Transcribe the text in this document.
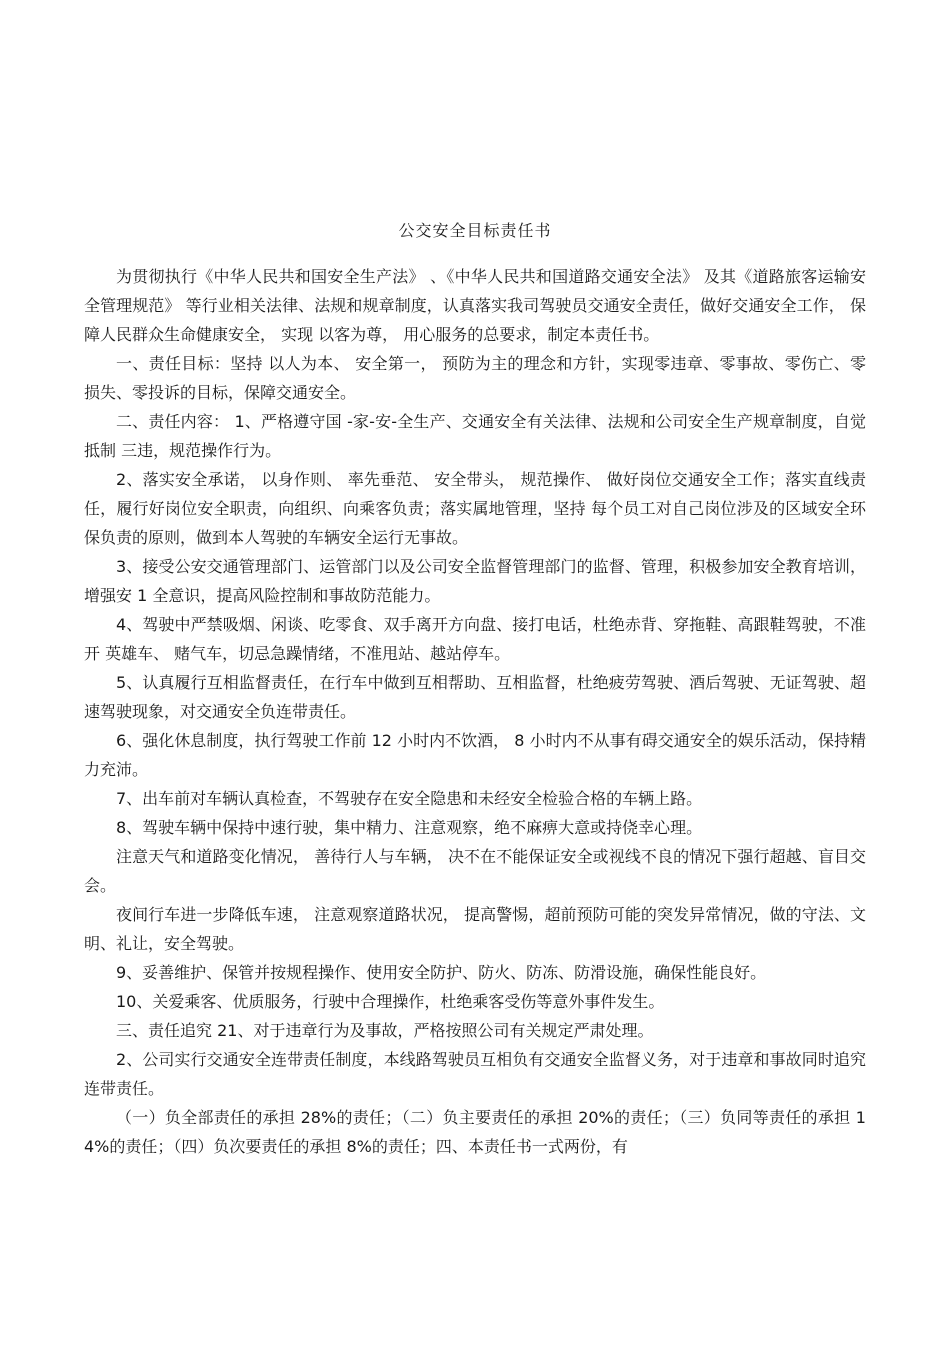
公交安全目标责任书

为贯彻执行《中华人民共和国安全生产法》 、《中华人民共和国道路交通安全法》 及其《道路旅客运输安全管理规范》 等行业相关法律、法规和规章制度，认真落实我司驾驶员交通安全责任，做好交通安全工作， 保障人民群众生命健康安全， 实现 以客为尊， 用心服务的总要求，制定本责任书。

一、责任目标：坚持 以人为本、 安全第一， 预防为主的理念和方针，实现零违章、零事故、零伤亡、零损失、零投诉的目标，保障交通安全。

二、责任内容： 1、严格遵守国 -家-安-全生产、交通安全有关法律、法规和公司安全生产规章制度，自觉抵制 三违，规范操作行为。

2、落实安全承诺， 以身作则、 率先垂范、 安全带头， 规范操作、 做好岗位交通安全工作；落实直线责任，履行好岗位安全职责，向组织、向乘客负责；落实属地管理，坚持 每个员工对自己岗位涉及的区域安全环保负责的原则，做到本人驾驶的车辆安全运行无事故。

3、接受公安交通管理部门、运管部门以及公司安全监督管理部门的监督、管理，积极参加安全教育培训，增强安 1 全意识，提高风险控制和事故防范能力。

4、驾驶中严禁吸烟、闲谈、吃零食、双手离开方向盘、接打电话，杜绝赤背、穿拖鞋、高跟鞋驾驶，不准开 英雄车、 赌气车，切忌急躁情绪，不准甩站、越站停车。

5、认真履行互相监督责任，在行车中做到互相帮助、互相监督，杜绝疲劳驾驶、酒后驾驶、无证驾驶、超速驾驶现象，对交通安全负连带责任。

6、强化休息制度，执行驾驶工作前 12 小时内不饮酒， 8 小时内不从事有碍交通安全的娱乐活动，保持精力充沛。

7、出车前对车辆认真检查，不驾驶存在安全隐患和未经安全检验合格的车辆上路。

8、驾驶车辆中保持中速行驶，集中精力、注意观察，绝不麻痹大意或持侥幸心理。

注意天气和道路变化情况， 善待行人与车辆， 决不在不能保证安全或视线不良的情况下强行超越、盲目交会。

夜间行车进一步降低车速， 注意观察道路状况， 提高警惕，超前预防可能的突发异常情况，做的守法、文明、礼让，安全驾驶。

9、妥善维护、保管并按规程操作、使用安全防护、防火、防冻、防滑设施，确保性能良好。

10、关爱乘客、优质服务，行驶中合理操作，杜绝乘客受伤等意外事件发生。

三、责任追究 21、对于违章行为及事故，严格按照公司有关规定严肃处理。

2、公司实行交通安全连带责任制度，本线路驾驶员互相负有交通安全监督义务，对于违章和事故同时追究连带责任。

（一）负全部责任的承担 28%的责任；（二）负主要责任的承担 20%的责任；（三）负同等责任的承担 14%的责任；（四）负次要责任的承担 8%的责任；四、本责任书一式两份，有
